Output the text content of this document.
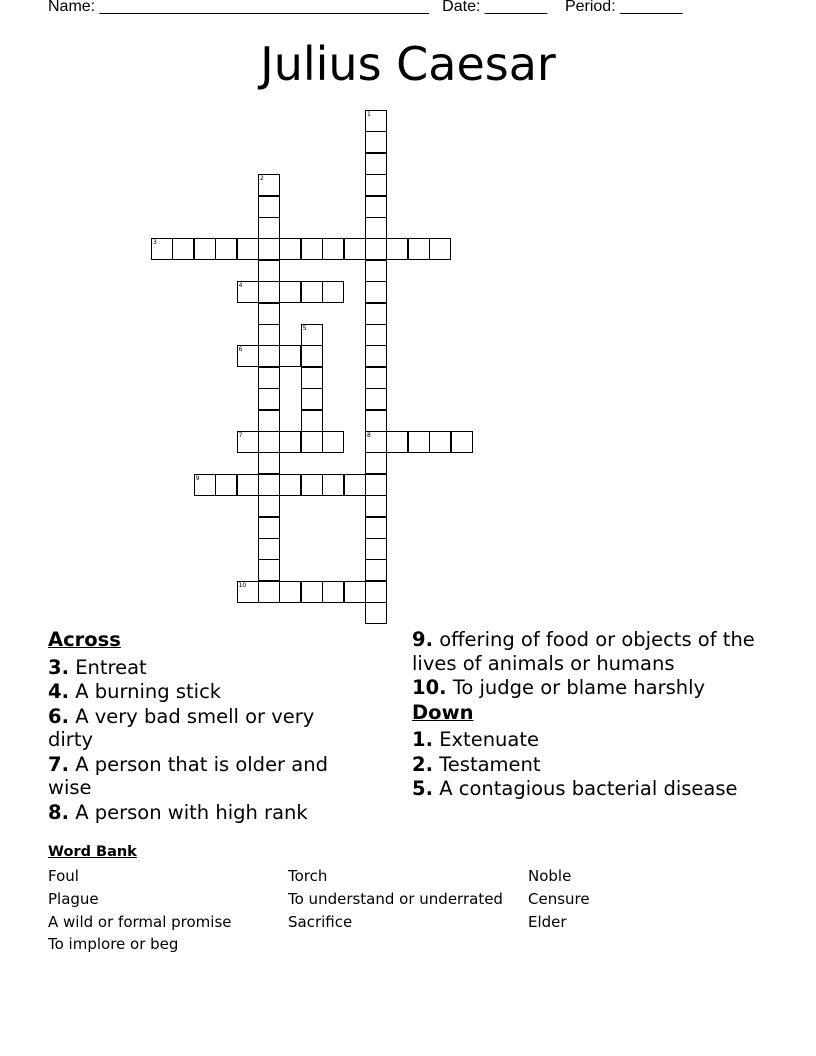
Name: _____________________________________ Date: _______ Period: _______
Julius Caesar
3
4
6
7	8
9
10
1
2
5
Across
3. Entreat
4. A burning stick
6. A very bad smell or very dirty
7. A person that is older and wise
8. A person with high rank
9. offering of food or objects of the lives of animals or humans
10. To judge or blame harshly
Down
1. Extenuate
2. Testament
5. A contagious bacterial disease
Word Bank
Foul
Plague
A wild or formal promise
To implore or beg
Torch
To understand or underrated
Sacrifice
Noble
Censure
Elder
